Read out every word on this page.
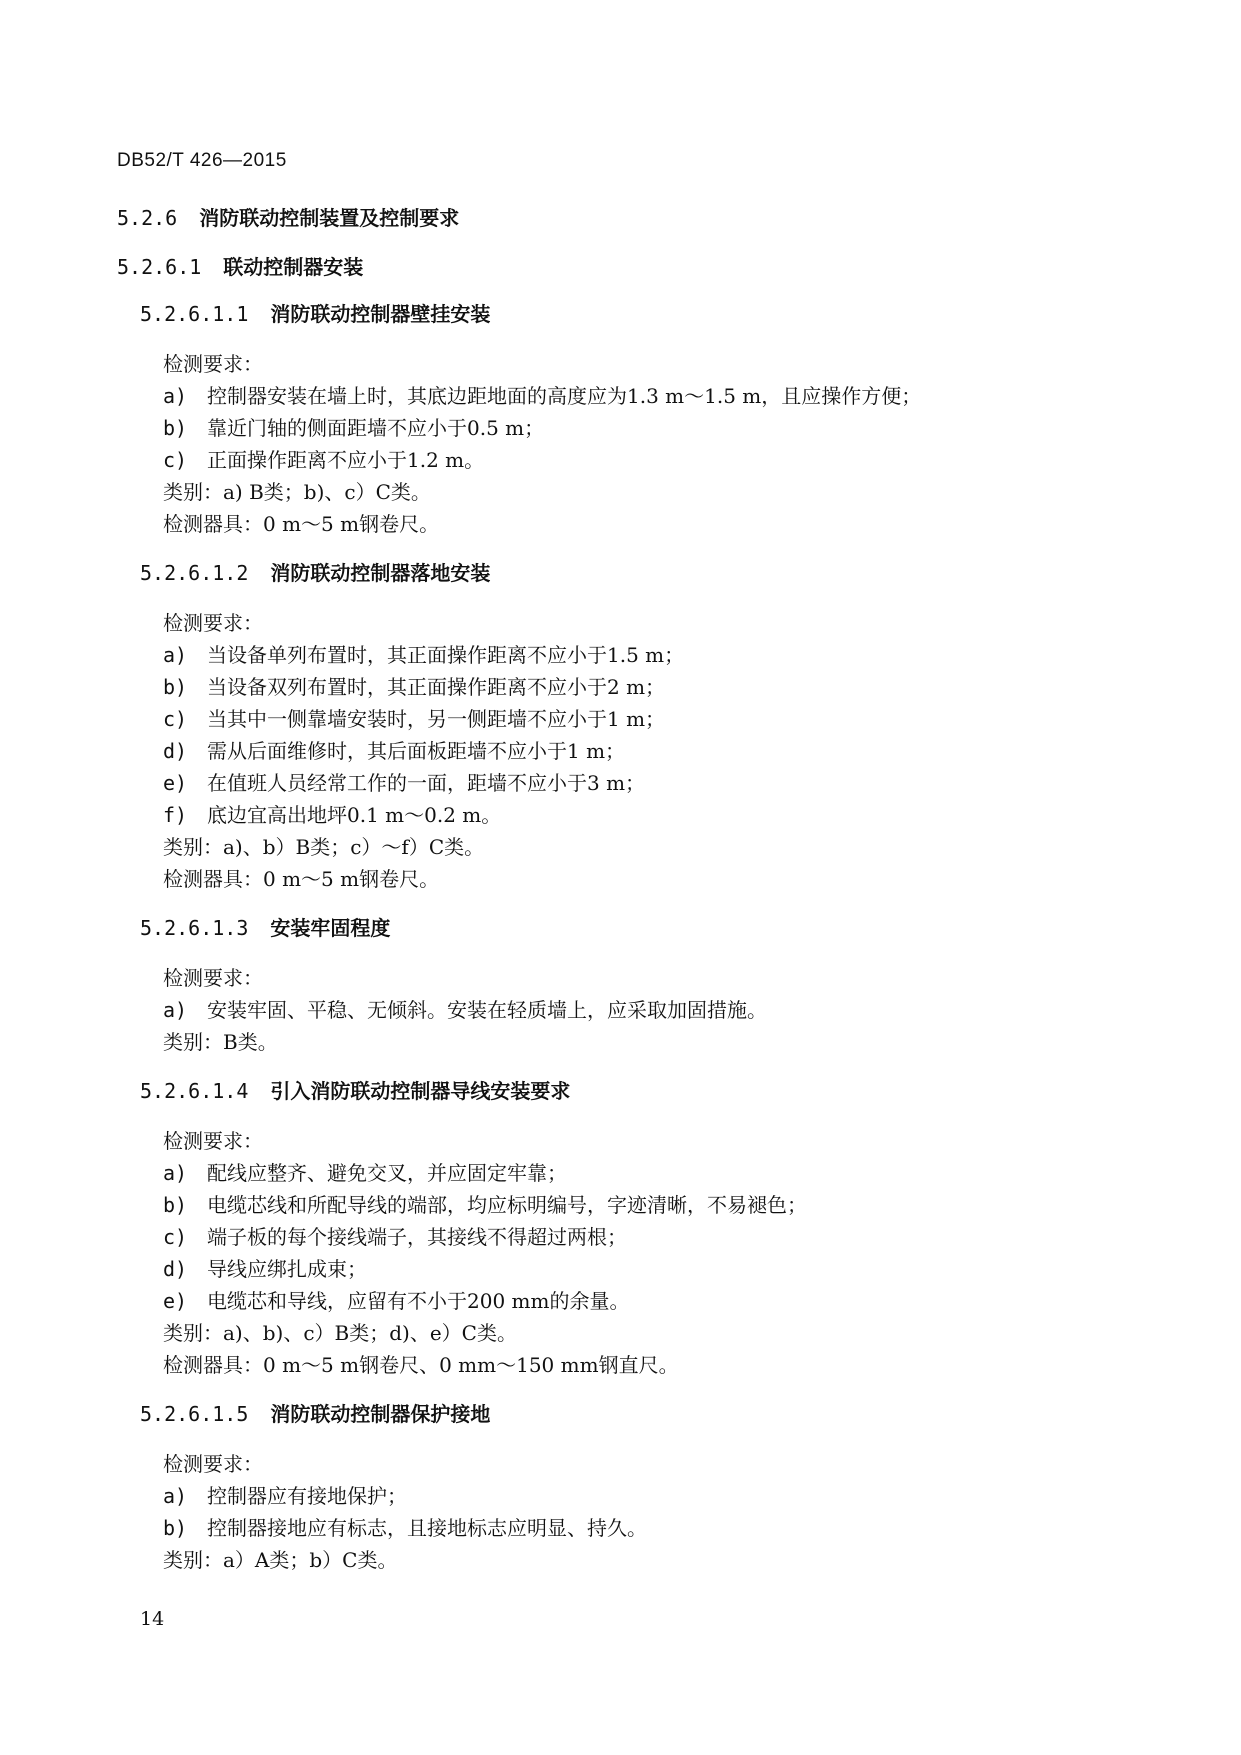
DB52/T 426—2015
5.2.6 消防联动控制装置及控制要求
5.2.6.1 联动控制器安装
5.2.6.1.1 消防联动控制器壁挂安装
检测要求：
a) 控制器安装在墙上时，其底边距地面的高度应为1.3 m～1.5 m，且应操作方便；
b) 靠近门轴的侧面距墙不应小于0.5 m；
c) 正面操作距离不应小于1.2 m。
类别：a) B类；b)、c）C类。
检测器具：0 m～5 m钢卷尺。
5.2.6.1.2 消防联动控制器落地安装
检测要求：
a) 当设备单列布置时，其正面操作距离不应小于1.5 m；
b) 当设备双列布置时，其正面操作距离不应小于2 m；
c) 当其中一侧靠墙安装时，另一侧距墙不应小于1 m；
d) 需从后面维修时，其后面板距墙不应小于1 m；
e) 在值班人员经常工作的一面，距墙不应小于3 m；
f) 底边宜高出地坪0.1 m～0.2 m。
类别：a)、b）B类；c）～f）C类。
检测器具：0 m～5 m钢卷尺。
5.2.6.1.3 安装牢固程度
检测要求：
a) 安装牢固、平稳、无倾斜。安装在轻质墙上，应采取加固措施。
类别：B类。
5.2.6.1.4 引入消防联动控制器导线安装要求
检测要求：
a) 配线应整齐、避免交叉，并应固定牢靠；
b) 电缆芯线和所配导线的端部，均应标明编号，字迹清晰，不易褪色；
c) 端子板的每个接线端子，其接线不得超过两根；
d) 导线应绑扎成束；
e) 电缆芯和导线，应留有不小于200 mm的余量。
类别：a)、b)、c）B类；d)、e）C类。
检测器具：0 m～5 m钢卷尺、0 mm～150 mm钢直尺。
5.2.6.1.5 消防联动控制器保护接地
检测要求：
a) 控制器应有接地保护；
b) 控制器接地应有标志，且接地标志应明显、持久。
类别：a）A类；b）C类。
14
